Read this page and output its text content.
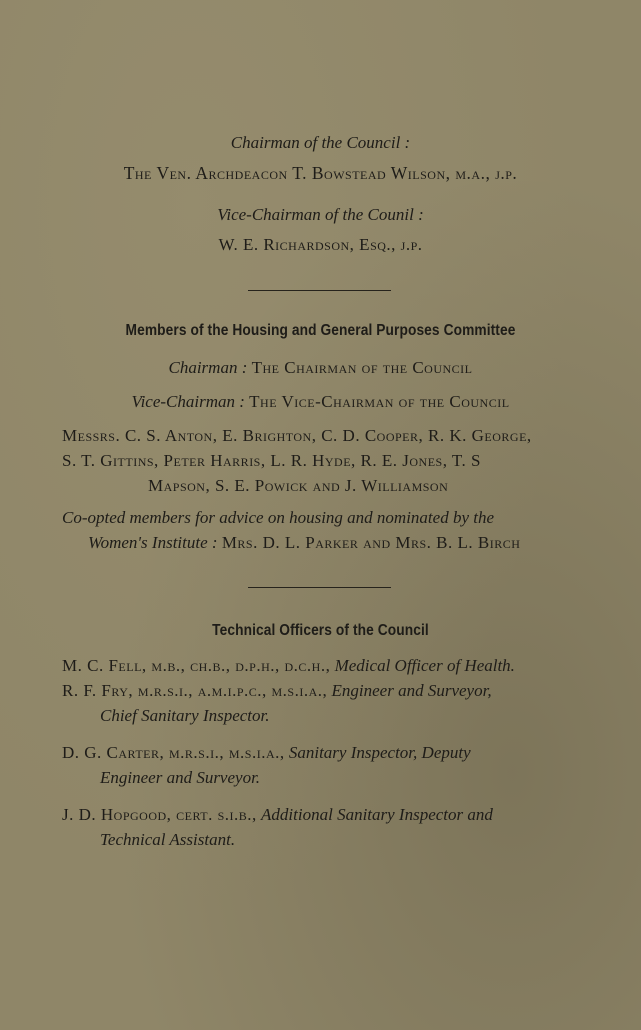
Chairman of the Council :
The Ven. Archdeacon T. Bowstead Wilson, m.a., j.p.
Vice-Chairman of the Counil :
W. E. Richardson, Esq., j.p.
Members of the Housing and General Purposes Committee
Chairman : The Chairman of the Council
Vice-Chairman : The Vice-Chairman of the Council
Messrs. C. S. Anton, E. Brighton, C. D. Cooper, R. K. George,
S. T. Gittins, Peter Harris, L. R. Hyde, R. E. Jones, T. S
Mapson, S. E. Powick and J. Williamson
Co-opted members for advice on housing and nominated by the
Women's Institute : Mrs. D. L. Parker and Mrs. B. L. Birch
Technical Officers of the Council
M. C. Fell, m.b., ch.b., d.p.h., d.c.h., Medical Officer of Health.
R. F. Fry, m.r.s.i., a.m.i.p.c., m.s.i.a., Engineer and Surveyor,
Chief Sanitary Inspector.
D. G. Carter, m.r.s.i., m.s.i.a., Sanitary Inspector, Deputy
Engineer and Surveyor.
J. D. Hopgood, cert. s.i.b., Additional Sanitary Inspector and
Technical Assistant.
